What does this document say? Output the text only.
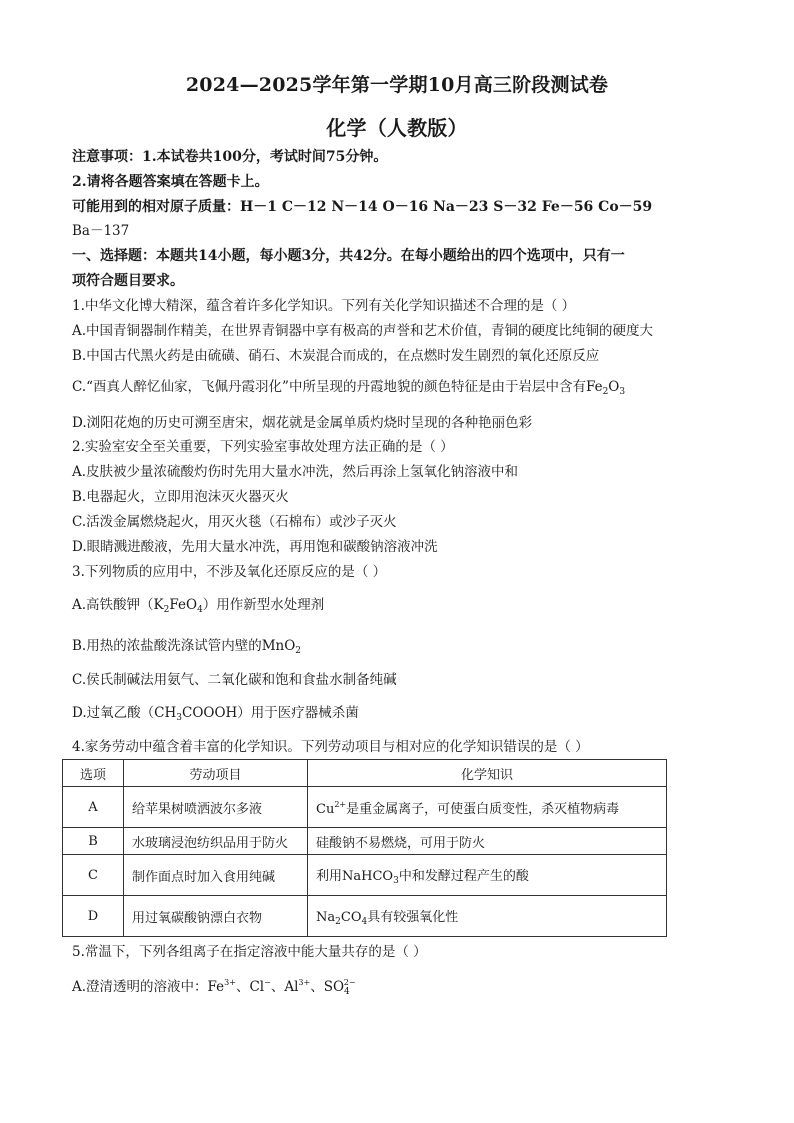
2024—2025学年第一学期10月高三阶段测试卷
化学（人教版）
注意事项：1.本试卷共100分，考试时间75分钟。
2.请将各题答案填在答题卡上。
可能用到的相对原子质量：H－1 C－12 N－14 O－16 Na－23 S－32 Fe－56 Co－59
Ba－137
一、选择题：本题共14小题，每小题3分，共42分。在每小题给出的四个选项中，只有一
项符合题目要求。
1.中华文化博大精深，蕴含着许多化学知识。下列有关化学知识描述不合理的是（ ）
A.中国青铜器制作精美，在世界青铜器中享有极高的声誉和艺术价值，青铜的硬度比纯铜的硬度大
B.中国古代黑火药是由硫磺、硝石、木炭混合而成的，在点燃时发生剧烈的氧化还原反应
C.“酉真人醉忆仙家，飞佩丹霞羽化”中所呈现的丹霞地貌的颜色特征是由于岩层中含有$Fe_2O_3$
D.浏阳花炮的历史可溯至唐宋，烟花就是金属单质灼烧时呈现的各种艳丽色彩
2.实验室安全至关重要，下列实验室事故处理方法正确的是（ ）
A.皮肤被少量浓硫酸灼伤时先用大量水冲洗，然后再涂上氢氧化钠溶液中和
B.电器起火，立即用泡沫灭火器灭火
C.活泼金属燃烧起火，用灭火毯（石棉布）或沙子灭火
D.眼睛溅进酸液，先用大量水冲洗，再用饱和碳酸钠溶液冲洗
3.下列物质的应用中，不涉及氧化还原反应的是（ ）
A.高铁酸钾$(K_2FeO_4)$用作新型水处理剂
B.用热的浓盐酸洗涤试管内壁的MnO$_2$
C.侯氏制碱法用氨气、二氧化碳和饱和食盐水制备纯碱
D.过氧乙酸$(CH_3COOOH)$用于医疗器械杀菌
4.家务劳动中蕴含着丰富的化学知识。下列劳动项目与相对应的化学知识错误的是（ ）
选项	劳动项目	化学知识
A	给苹果树喷洒波尔多液	$Cu^{2+}$是重金属离子，可使蛋白质变性，杀灭植物病毒
B	水玻璃浸泡纺织品用于防火	硅酸钠不易燃烧，可用于防火
C	制作面点时加入食用纯碱	利用NaHCO$_3$中和发酵过程产生的酸
D	用过氧碳酸钠漂白衣物	$Na_2CO_4$具有较强氧化性
5.常温下，下列各组离子在指定溶液中能大量共存的是（ ）
A.澄清透明的溶液中：$Fe^{3+}$、Cl−、$Al^{3+}$、$SO_4^{2-}$
